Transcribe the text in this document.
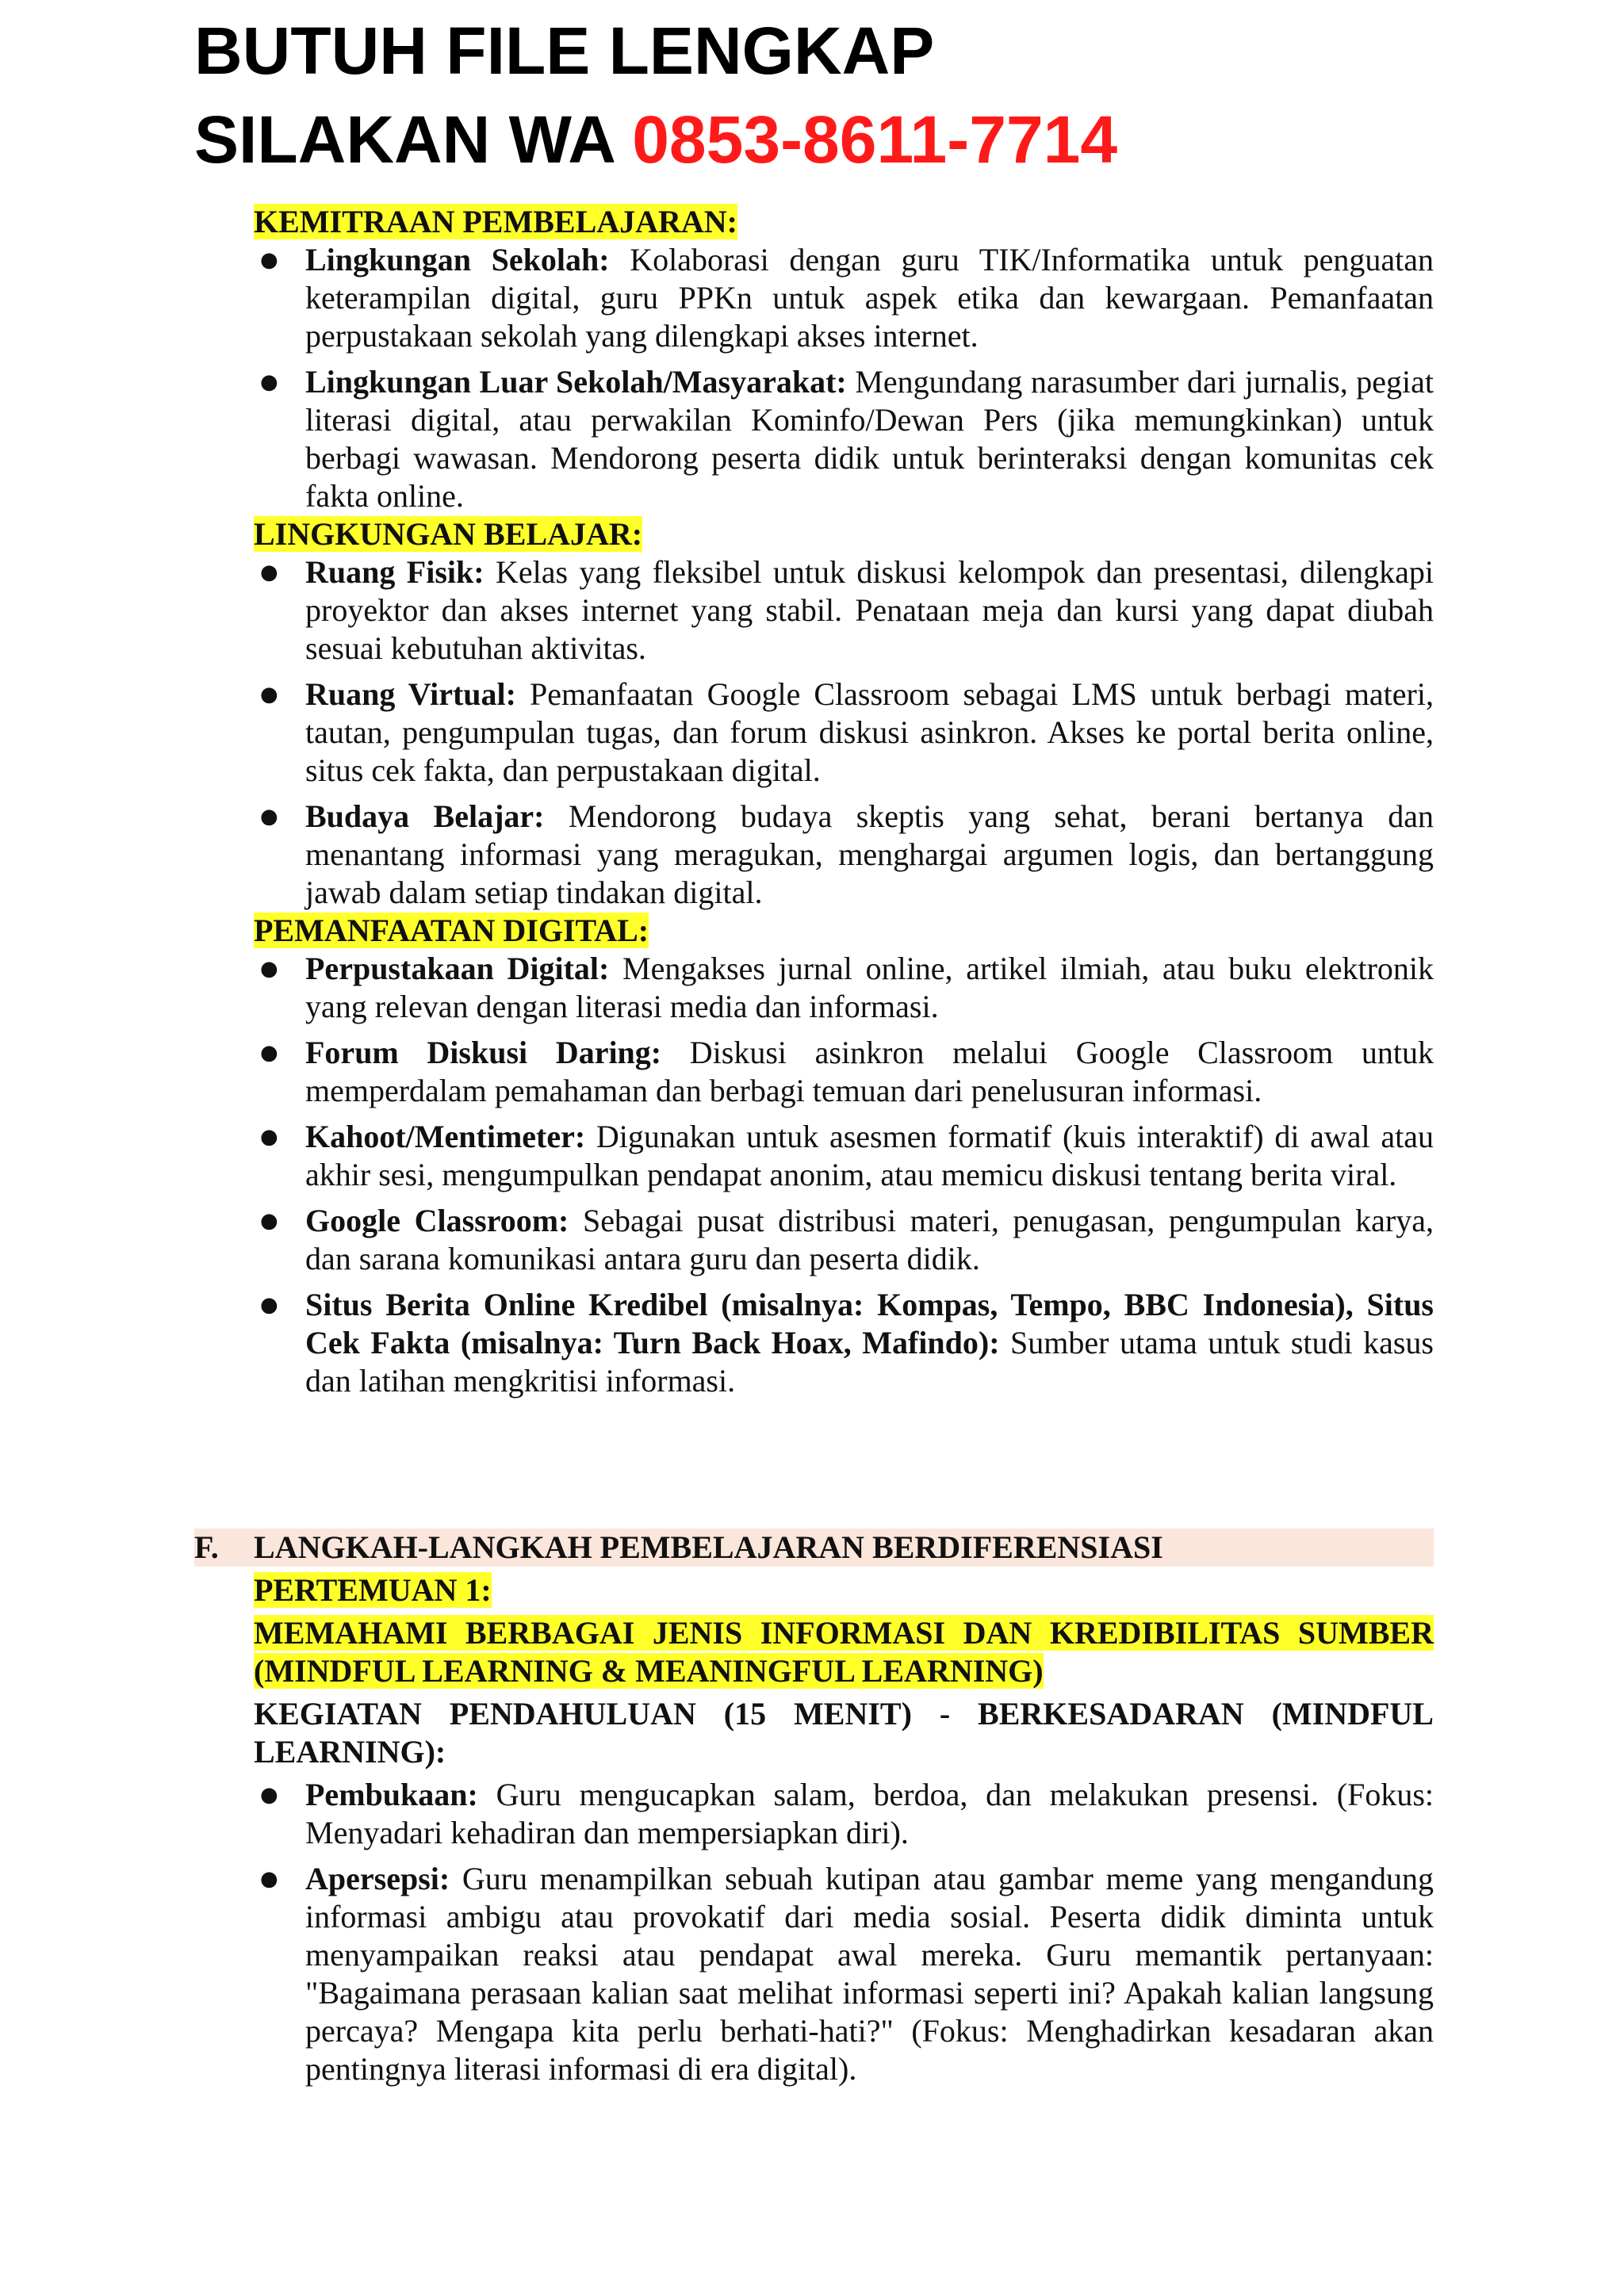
BUTUH FILE LENGKAP
SILAKAN WA 0853-8611-7714
KEMITRAAN PEMBELAJARAN:
● Lingkungan Sekolah: Kolaborasi dengan guru TIK/Informatika untuk penguatan keterampilan digital, guru PPKn untuk aspek etika dan kewargaan. Pemanfaatan perpustakaan sekolah yang dilengkapi akses internet.
● Lingkungan Luar Sekolah/Masyarakat: Mengundang narasumber dari jurnalis, pegiat literasi digital, atau perwakilan Kominfo/Dewan Pers (jika memungkinkan) untuk berbagi wawasan. Mendorong peserta didik untuk berinteraksi dengan komunitas cek fakta online.
LINGKUNGAN BELAJAR:
● Ruang Fisik: Kelas yang fleksibel untuk diskusi kelompok dan presentasi, dilengkapi proyektor dan akses internet yang stabil. Penataan meja dan kursi yang dapat diubah sesuai kebutuhan aktivitas.
● Ruang Virtual: Pemanfaatan Google Classroom sebagai LMS untuk berbagi materi, tautan, pengumpulan tugas, dan forum diskusi asinkron. Akses ke portal berita online, situs cek fakta, dan perpustakaan digital.
● Budaya Belajar: Mendorong budaya skeptis yang sehat, berani bertanya dan menantang informasi yang meragukan, menghargai argumen logis, dan bertanggung jawab dalam setiap tindakan digital.
PEMANFAATAN DIGITAL:
● Perpustakaan Digital: Mengakses jurnal online, artikel ilmiah, atau buku elektronik yang relevan dengan literasi media dan informasi.
● Forum Diskusi Daring: Diskusi asinkron melalui Google Classroom untuk memperdalam pemahaman dan berbagi temuan dari penelusuran informasi.
● Kahoot/Mentimeter: Digunakan untuk asesmen formatif (kuis interaktif) di awal atau akhir sesi, mengumpulkan pendapat anonim, atau memicu diskusi tentang berita viral.
● Google Classroom: Sebagai pusat distribusi materi, penugasan, pengumpulan karya, dan sarana komunikasi antara guru dan peserta didik.
● Situs Berita Online Kredibel (misalnya: Kompas, Tempo, BBC Indonesia), Situs Cek Fakta (misalnya: Turn Back Hoax, Mafindo): Sumber utama untuk studi kasus dan latihan mengkritisi informasi.
F. LANGKAH-LANGKAH PEMBELAJARAN BERDIFERENSIASI
PERTEMUAN 1:
MEMAHAMI BERBAGAI JENIS INFORMASI DAN KREDIBILITAS SUMBER (MINDFUL LEARNING & MEANINGFUL LEARNING)
KEGIATAN PENDAHULUAN (15 MENIT) - BERKESADARAN (MINDFUL LEARNING):
● Pembukaan: Guru mengucapkan salam, berdoa, dan melakukan presensi. (Fokus: Menyadari kehadiran dan mempersiapkan diri).
● Apersepsi: Guru menampilkan sebuah kutipan atau gambar meme yang mengandung informasi ambigu atau provokatif dari media sosial. Peserta didik diminta untuk menyampaikan reaksi atau pendapat awal mereka. Guru memantik pertanyaan: "Bagaimana perasaan kalian saat melihat informasi seperti ini? Apakah kalian langsung percaya? Mengapa kita perlu berhati-hati?" (Fokus: Menghadirkan kesadaran akan pentingnya literasi informasi di era digital).
